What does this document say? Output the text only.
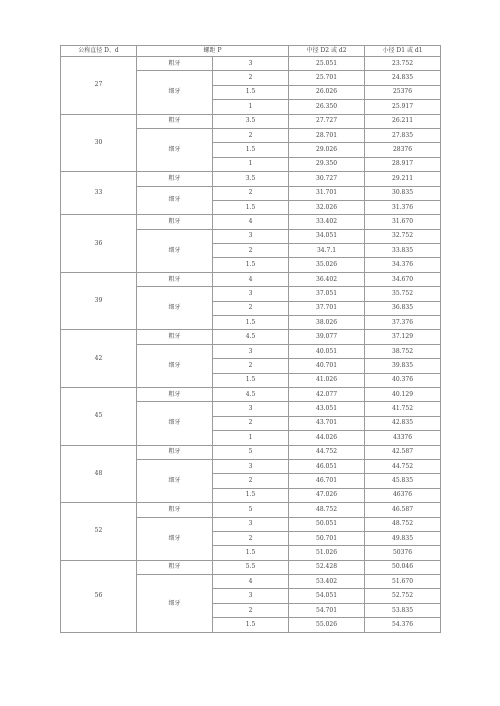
公称直径 D、d	螺距 P		中径 D2 或 d2	小径 D1 或 d1
27	粗牙	3	25.051	23.752
	细牙	2	25.701	24.835
		1.5	26.026	25376
		1	26.350	25.917
30	粗牙	3.5	27.727	26.211
	细牙	2	28.701	27.835
		1.5	29.026	28376
		1	29.350	28.917
33	粗牙	3.5	30.727	29.211
	细牙	2	31.701	30.835
		1.5	32.026	31.376
36	粗牙	4	33.402	31.670
	细牙	3	34.051	32.752
		2	34.7.1	33.835
		1.5	35.026	34.376
39	粗牙	4	36.402	34.670
	细牙	3	37.051	35.752
		2	37.701	36.835
		1.5	38.026	37.376
42	粗牙	4.5	39.077	37.129
	细牙	3	40.051	38.752
		2	40.701	39.835
		1.5	41.026	40.376
45	粗牙	4.5	42.077	40.129
	细牙	3	43.051	41.752
		2	43.701	42.835
		1	44.026	43376
48	粗牙	5	44.752	42.587
	细牙	3	46.051	44.752
		2	46.701	45.835
		1.5	47.026	46376
52	粗牙	5	48.752	46.587
	细牙	3	50.051	48.752
		2	50.701	49.835
		1.5	51.026	50376
56	粗牙	5.5	52.428	50.046
	细牙	4	53.402	51.670
		3	54.051	52.752
		2	54.701	53.835
		1.5	55.026	54.376
